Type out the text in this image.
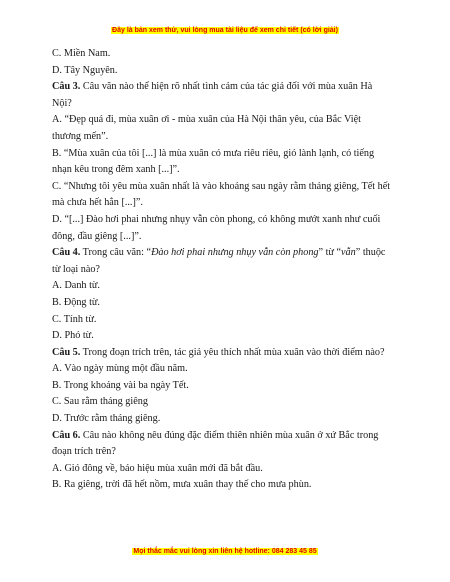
Đây là bản xem thử, vui lòng mua tài liệu để xem chi tiết (có lời giải)

C. Miền Nam.

D. Tây Nguyên.

Câu 3. Câu văn nào thể hiện rõ nhất tình cảm của tác giả đối với mùa xuân Hà

Nội?

A. “Đẹp quá đi, mùa xuân ơi - mùa xuân của Hà Nội thân yêu, của Bắc Việt

thương mến”.

B. “Mùa xuân của tôi [...] là mùa xuân có mưa riêu riêu, gió lành lạnh, có tiếng

nhạn kêu trong đêm xanh [...]”.

C. “Nhưng tôi yêu mùa xuân nhất là vào khoảng sau ngày rằm tháng giêng, Tết hết

mà chưa hết hẳn [...]”.

D. “[...] Đào hơi phai nhưng nhụy vẫn còn phong, có không mướt xanh như cuối

đông, đầu giêng [...]”.

Câu 4. Trong câu văn: “Đào hơi phai nhưng nhụy vẫn còn phong” từ “vẫn” thuộc

từ loại nào?

A. Danh từ.

B. Động từ.

C. Tính từ.

D. Phó từ.

Câu 5. Trong đoạn trích trên, tác giả yêu thích nhất mùa xuân vào thời điểm nào?

A. Vào ngày mùng một đầu năm.

B. Trong khoảng vài ba ngày Tết.

C. Sau rằm tháng giêng

D. Trước rằm tháng giêng.

Câu 6. Câu nào không nêu đúng đặc điểm thiên nhiên mùa xuân ở xứ Bắc trong

đoạn trích trên?

A. Gió đông về, báo hiệu mùa xuân mới đã bắt đầu.

B. Ra giêng, trời đã hết nồm, mưa xuân thay thế cho mưa phùn.

Mọi thắc mắc vui lòng xin liên hệ hotline: 084 283 45 85
